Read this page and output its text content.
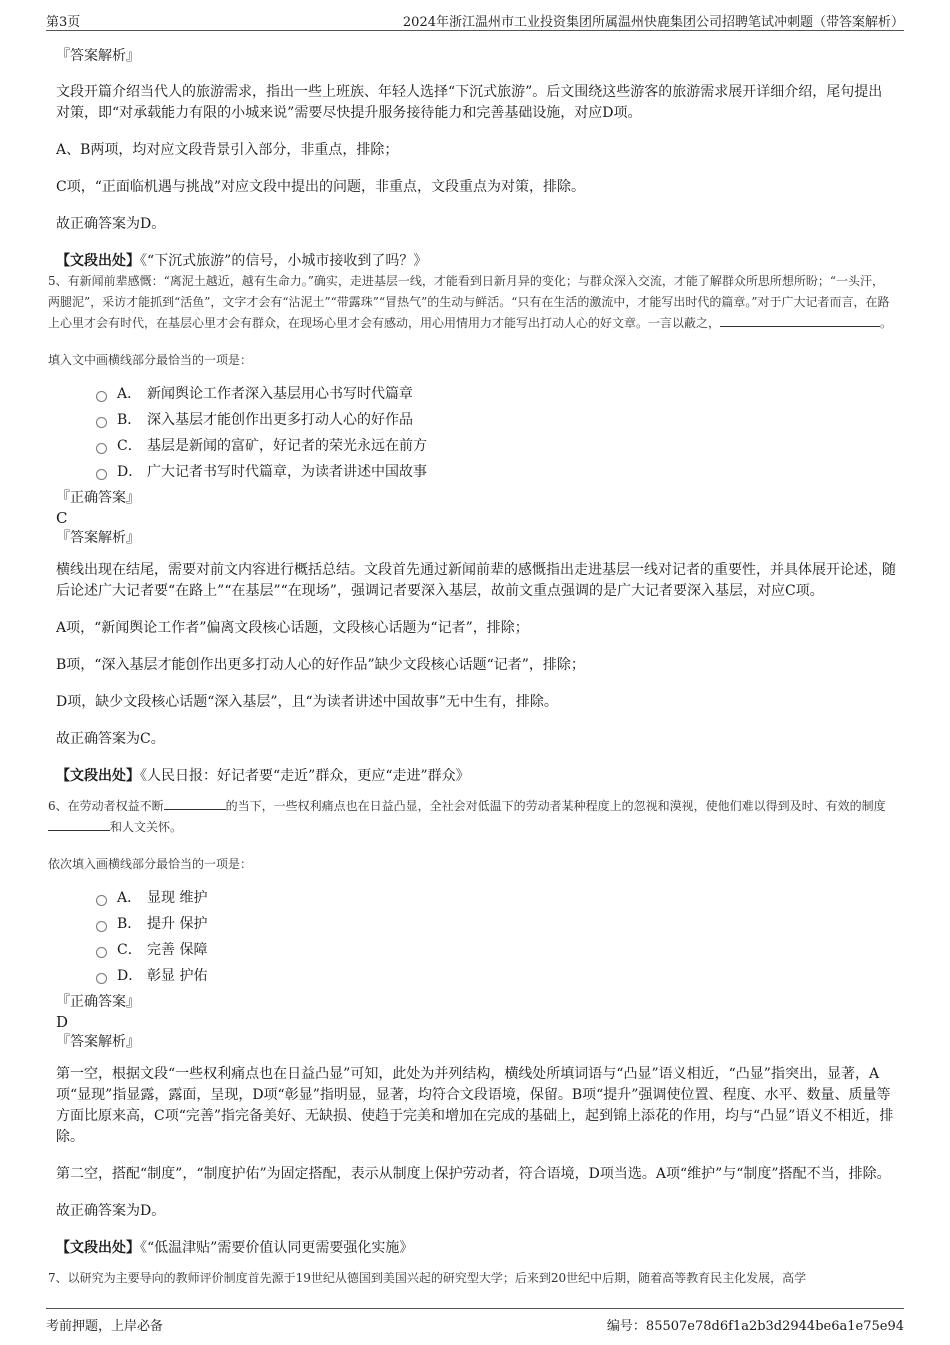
第3页	2024年浙江温州市工业投资集团所属温州快鹿集团公司招聘笔试冲刺题（带答案解析）

『答案解析』

文段开篇介绍当代人的旅游需求，指出一些上班族、年轻人选择“下沉式旅游”。后文围绕这些游客的旅游需求展开详细介绍，尾句提出对策，即“对承载能力有限的小城来说”需要尽快提升服务接待能力和完善基础设施，对应D项。

A、B两项，均对应文段背景引入部分，非重点，排除；

C项，“正面临机遇与挑战”对应文段中提出的问题，非重点，文段重点为对策，排除。

故正确答案为D。

【文段出处】《“下沉式旅游”的信号，小城市接收到了吗？》

5、有新闻前辈感慨：“离泥土越近，越有生命力。”确实，走进基层一线，才能看到日新月异的变化；与群众深入交流，才能了解群众所思所想所盼；“一头汗，两腿泥”，采访才能抓到“活鱼”，文字才会有“沾泥土”“带露珠”“冒热气”的生动与鲜活。“只有在生活的激流中，才能写出时代的篇章。”对于广大记者而言，在路上心里才会有时代，在基层心里才会有群众，在现场心里才会有感动，用心用情用力才能写出打动人心的好文章。一言以蔽之，	。

填入文中画横线部分最恰当的一项是：

A． 新闻舆论工作者深入基层用心书写时代篇章
B． 深入基层才能创作出更多打动人心的好作品
C． 基层是新闻的富矿，好记者的荣光永远在前方
D． 广大记者书写时代篇章，为读者讲述中国故事

『正确答案』

C

『答案解析』

横线出现在结尾，需要对前文内容进行概括总结。文段首先通过新闻前辈的感慨指出走进基层一线对记者的重要性，并具体展开论述，随后论述广大记者要“在路上”“在基层”“在现场”，强调记者要深入基层，故前文重点强调的是广大记者要深入基层，对应C项。

A项，“新闻舆论工作者”偏离文段核心话题，文段核心话题为“记者”，排除；

B项，“深入基层才能创作出更多打动人心的好作品”缺少文段核心话题“记者”，排除；

D项，缺少文段核心话题“深入基层”，且“为读者讲述中国故事”无中生有，排除。

故正确答案为C。

【文段出处】《人民日报：好记者要“走近”群众，更应“走进”群众》

6、在劳动者权益不断	的当下，一些权利痛点也在日益凸显，全社会对低温下的劳动者某种程度上的忽视和漠视，使他们难以得到及时、有效的制度和人文关怀。

依次填入画横线部分最恰当的一项是：

A． 显现 维护
B． 提升 保护
C． 完善 保障
D． 彰显 护佑

『正确答案』

D

『答案解析』

第一空，根据文段“一些权利痛点也在日益凸显”可知，此处为并列结构，横线处所填词语与“凸显”语义相近，“凸显”指突出，显著，A项“显现”指显露，露面，呈现，D项“彰显”指明显，显著，均符合文段语境，保留。B项“提升”强调使位置、程度、水平、数量、质量等方面比原来高，C项“完善”指完备美好、无缺损、使趋于完美和增加在完成的基础上，起到锦上添花的作用，均与“凸显”语义不相近，排除。

第二空，搭配“制度”，“制度护佑”为固定搭配，表示从制度上保护劳动者，符合语境，D项当选。A项“维护”与“制度”搭配不当，排除。

故正确答案为D。

【文段出处】《“低温津贴”需要价值认同更需要强化实施》

7、以研究为主要导向的教师评价制度首先源于19世纪从德国到美国兴起的研究型大学；后来到20世纪中后期，随着高等教育民主化发展，高学

考前押题，上岸必备	编号：85507e78d6f1a2b3d2944be6a1e75e94
